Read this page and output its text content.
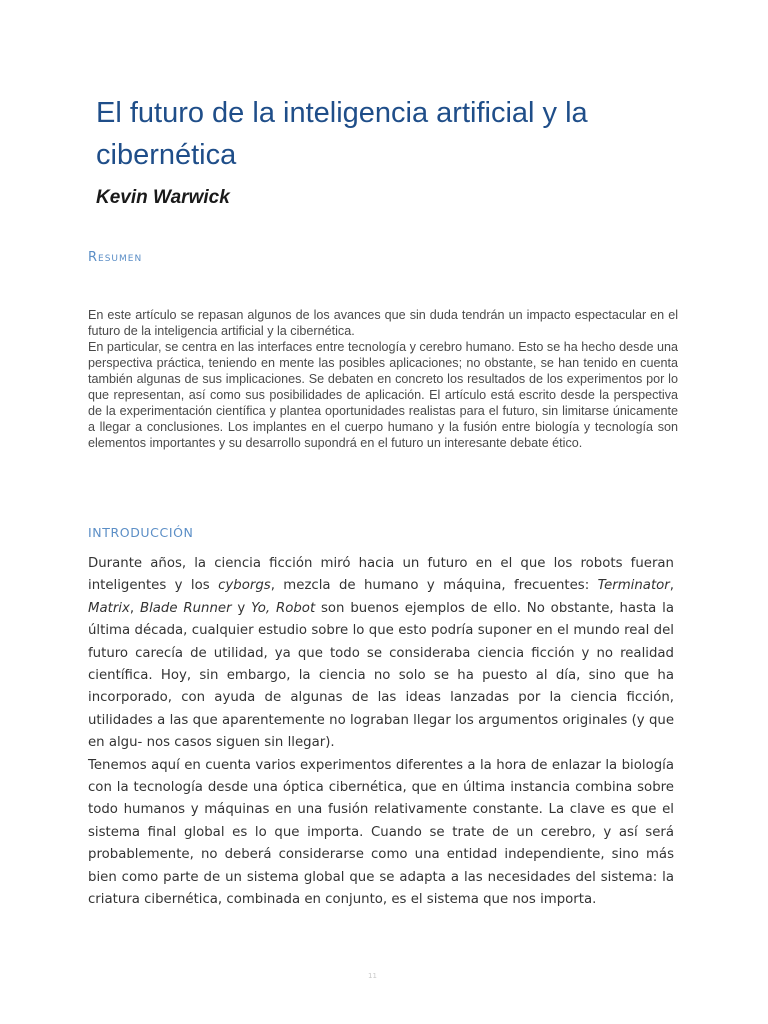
El futuro de la inteligencia artificial y la cibernética
Kevin Warwick
Resumen

En este artículo se repasan algunos de los avances que sin duda tendrán un impacto espectacular en el futuro de la inteligencia artificial y la cibernética.

En particular, se centra en las interfaces entre tecnología y cerebro humano. Esto se ha hecho desde una perspectiva práctica, teniendo en mente las posibles aplicaciones; no obstante, se han tenido en cuenta también algunas de sus implicaciones. Se debaten en concreto los resultados de los experimentos por lo que representan, así como sus posibilidades de aplicación. El artículo está escrito desde la perspectiva de la experimentación científica y plantea oportunidades realistas para el futuro, sin limitarse únicamente a llegar a conclusiones. Los implantes en el cuerpo humano y la fusión entre biología y tecnología son elementos importantes y su desarrollo supondrá en el futuro un interesante debate ético.

INTRODUCCIÓN

Durante años, la ciencia ficción miró hacia un futuro en el que los robots fueran inteligentes y los cyborgs, mezcla de humano y máquina, frecuentes: Terminator, Matrix, Blade Runner y Yo, Robot son buenos ejemplos de ello. No obstante, hasta la última década, cualquier estudio sobre lo que esto podría suponer en el mundo real del futuro carecía de utilidad, ya que todo se consideraba ciencia ficción y no realidad científica. Hoy, sin embargo, la ciencia no solo se ha puesto al día, sino que ha incorporado, con ayuda de algunas de las ideas lanzadas por la ciencia ficción, utilidades a las que aparentemente no lograban llegar los argumentos originales (y que en algu- nos casos siguen sin llegar).

Tenemos aquí en cuenta varios experimentos diferentes a la hora de enlazar la biología con la tecnología desde una óptica cibernética, que en última instancia combina sobre todo humanos y máquinas en una fusión relativamente constante. La clave es que el sistema final global es lo que importa. Cuando se trate de un cerebro, y así será probablemente, no deberá considerarse como una entidad independiente, sino más bien como parte de un sistema global que se adapta a las necesidades del sistema: la criatura cibernética, combinada en conjunto, es el sistema que nos importa.

11
